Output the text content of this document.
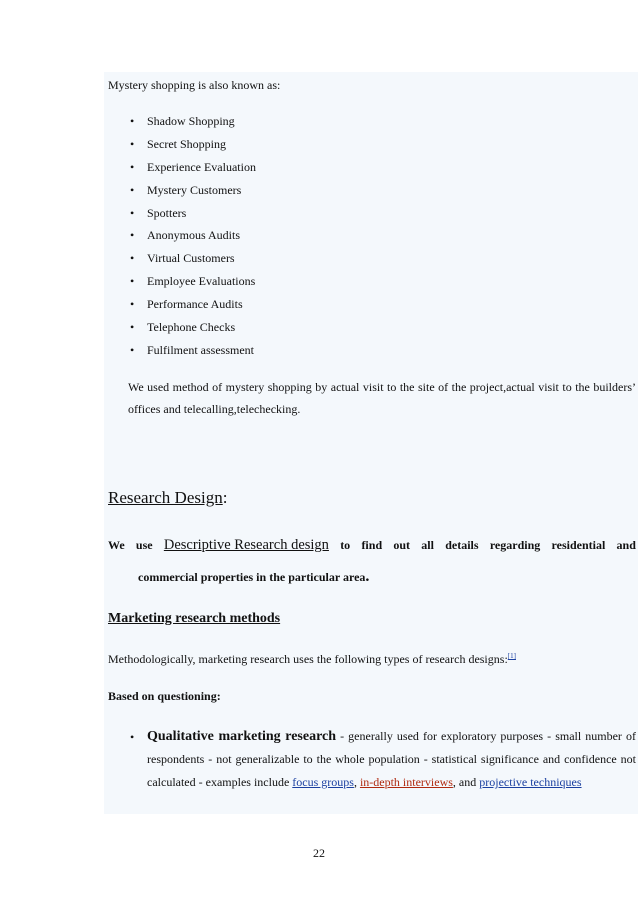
Mystery shopping is also known as:
• Shadow Shopping
• Secret Shopping
• Experience Evaluation
• Mystery Customers
• Spotters
• Anonymous Audits
• Virtual Customers
• Employee Evaluations
• Performance Audits
• Telephone Checks
• Fulfilment assessment
We used method of mystery shopping by actual visit to the site of the project,actual visit to the builders’ offices and telecalling,telechecking.
Research Design:
We use Descriptive Research design to find out all details regarding residential and
commercial properties in the particular area.
Marketing research methods
Methodologically, marketing research uses the following types of research designs:[1]
Based on questioning:
• Qualitative marketing research - generally used for exploratory purposes - small number of respondents - not generalizable to the whole population - statistical significance and confidence not calculated - examples include focus groups, in-depth interviews, and projective techniques
22
